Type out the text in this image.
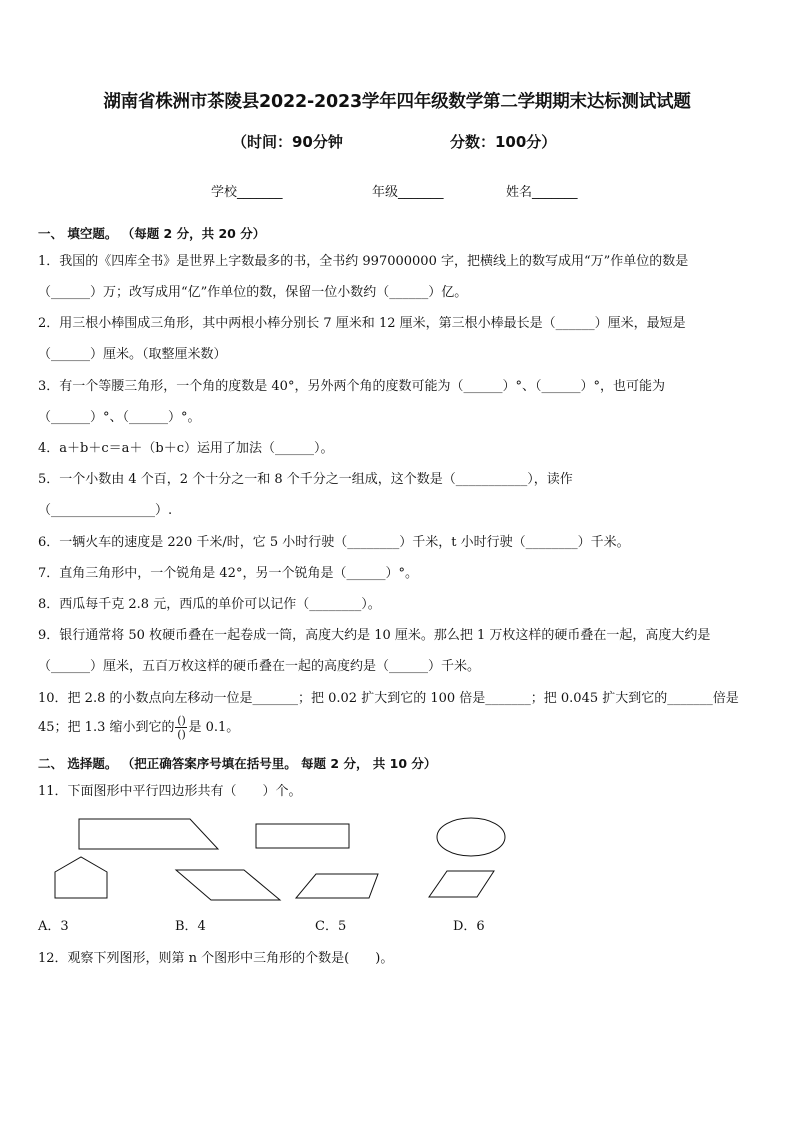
湖南省株洲市茶陵县2022-2023学年四年级数学第二学期期末达标测试试题
（时间：90分钟	分数：100分）
学校_______	年级_______	姓名_______
一、 填空题。 （每题 2 分，共 20 分）
1．我国的《四库全书》是世界上字数最多的书，全书约 997000000 字，把横线上的数写成用“万”作单位的数是
（______）万；改写成用“亿”作单位的数，保留一位小数约（______）亿。
2．用三根小棒围成三角形，其中两根小棒分别长 7 厘米和 12 厘米，第三根小棒最长是（______）厘米，最短是
（______）厘米。（取整厘米数）
3．有一个等腰三角形，一个角的度数是 40°，另外两个角的度数可能为（______）°、（______）°，也可能为
（______）°、（______）°。
4．a＋b＋c＝a＋（b＋c）运用了加法（______）。
5．一个小数由 4 个百，2 个十分之一和 8 个千分之一组成，这个数是（___________），读作
（________________）.
6．一辆火车的速度是 220 千米/时，它 5 小时行驶（________）千米，t 小时行驶（________）千米。
7．直角三角形中，一个锐角是 42°，另一个锐角是（______）°。
8．西瓜每千克 2.8 元，西瓜的单价可以记作（________）。
9．银行通常将 50 枚硬币叠在一起卷成一筒，高度大约是 10 厘米。那么把 1 万枚这样的硬币叠在一起，高度大约是
（______）厘米，五百万枚这样的硬币叠在一起的高度约是（______）千米。
10．把 2.8 的小数点向左移动一位是_______；把 0.02 扩大到它的 100 倍是_______；把 0.045 扩大到它的_______倍是
45；把 1.3 缩小到它的 $\frac{()}{()}$ 是 0.1。
二、 选择题。 （把正确答案序号填在括号里。 每题 2 分， 共 10 分）
11．下面图形中平行四边形共有（　　）个。
A．3	B．4	C．5	D．6
12．观察下列图形，则第 n 个图形中三角形的个数是(　　)。
